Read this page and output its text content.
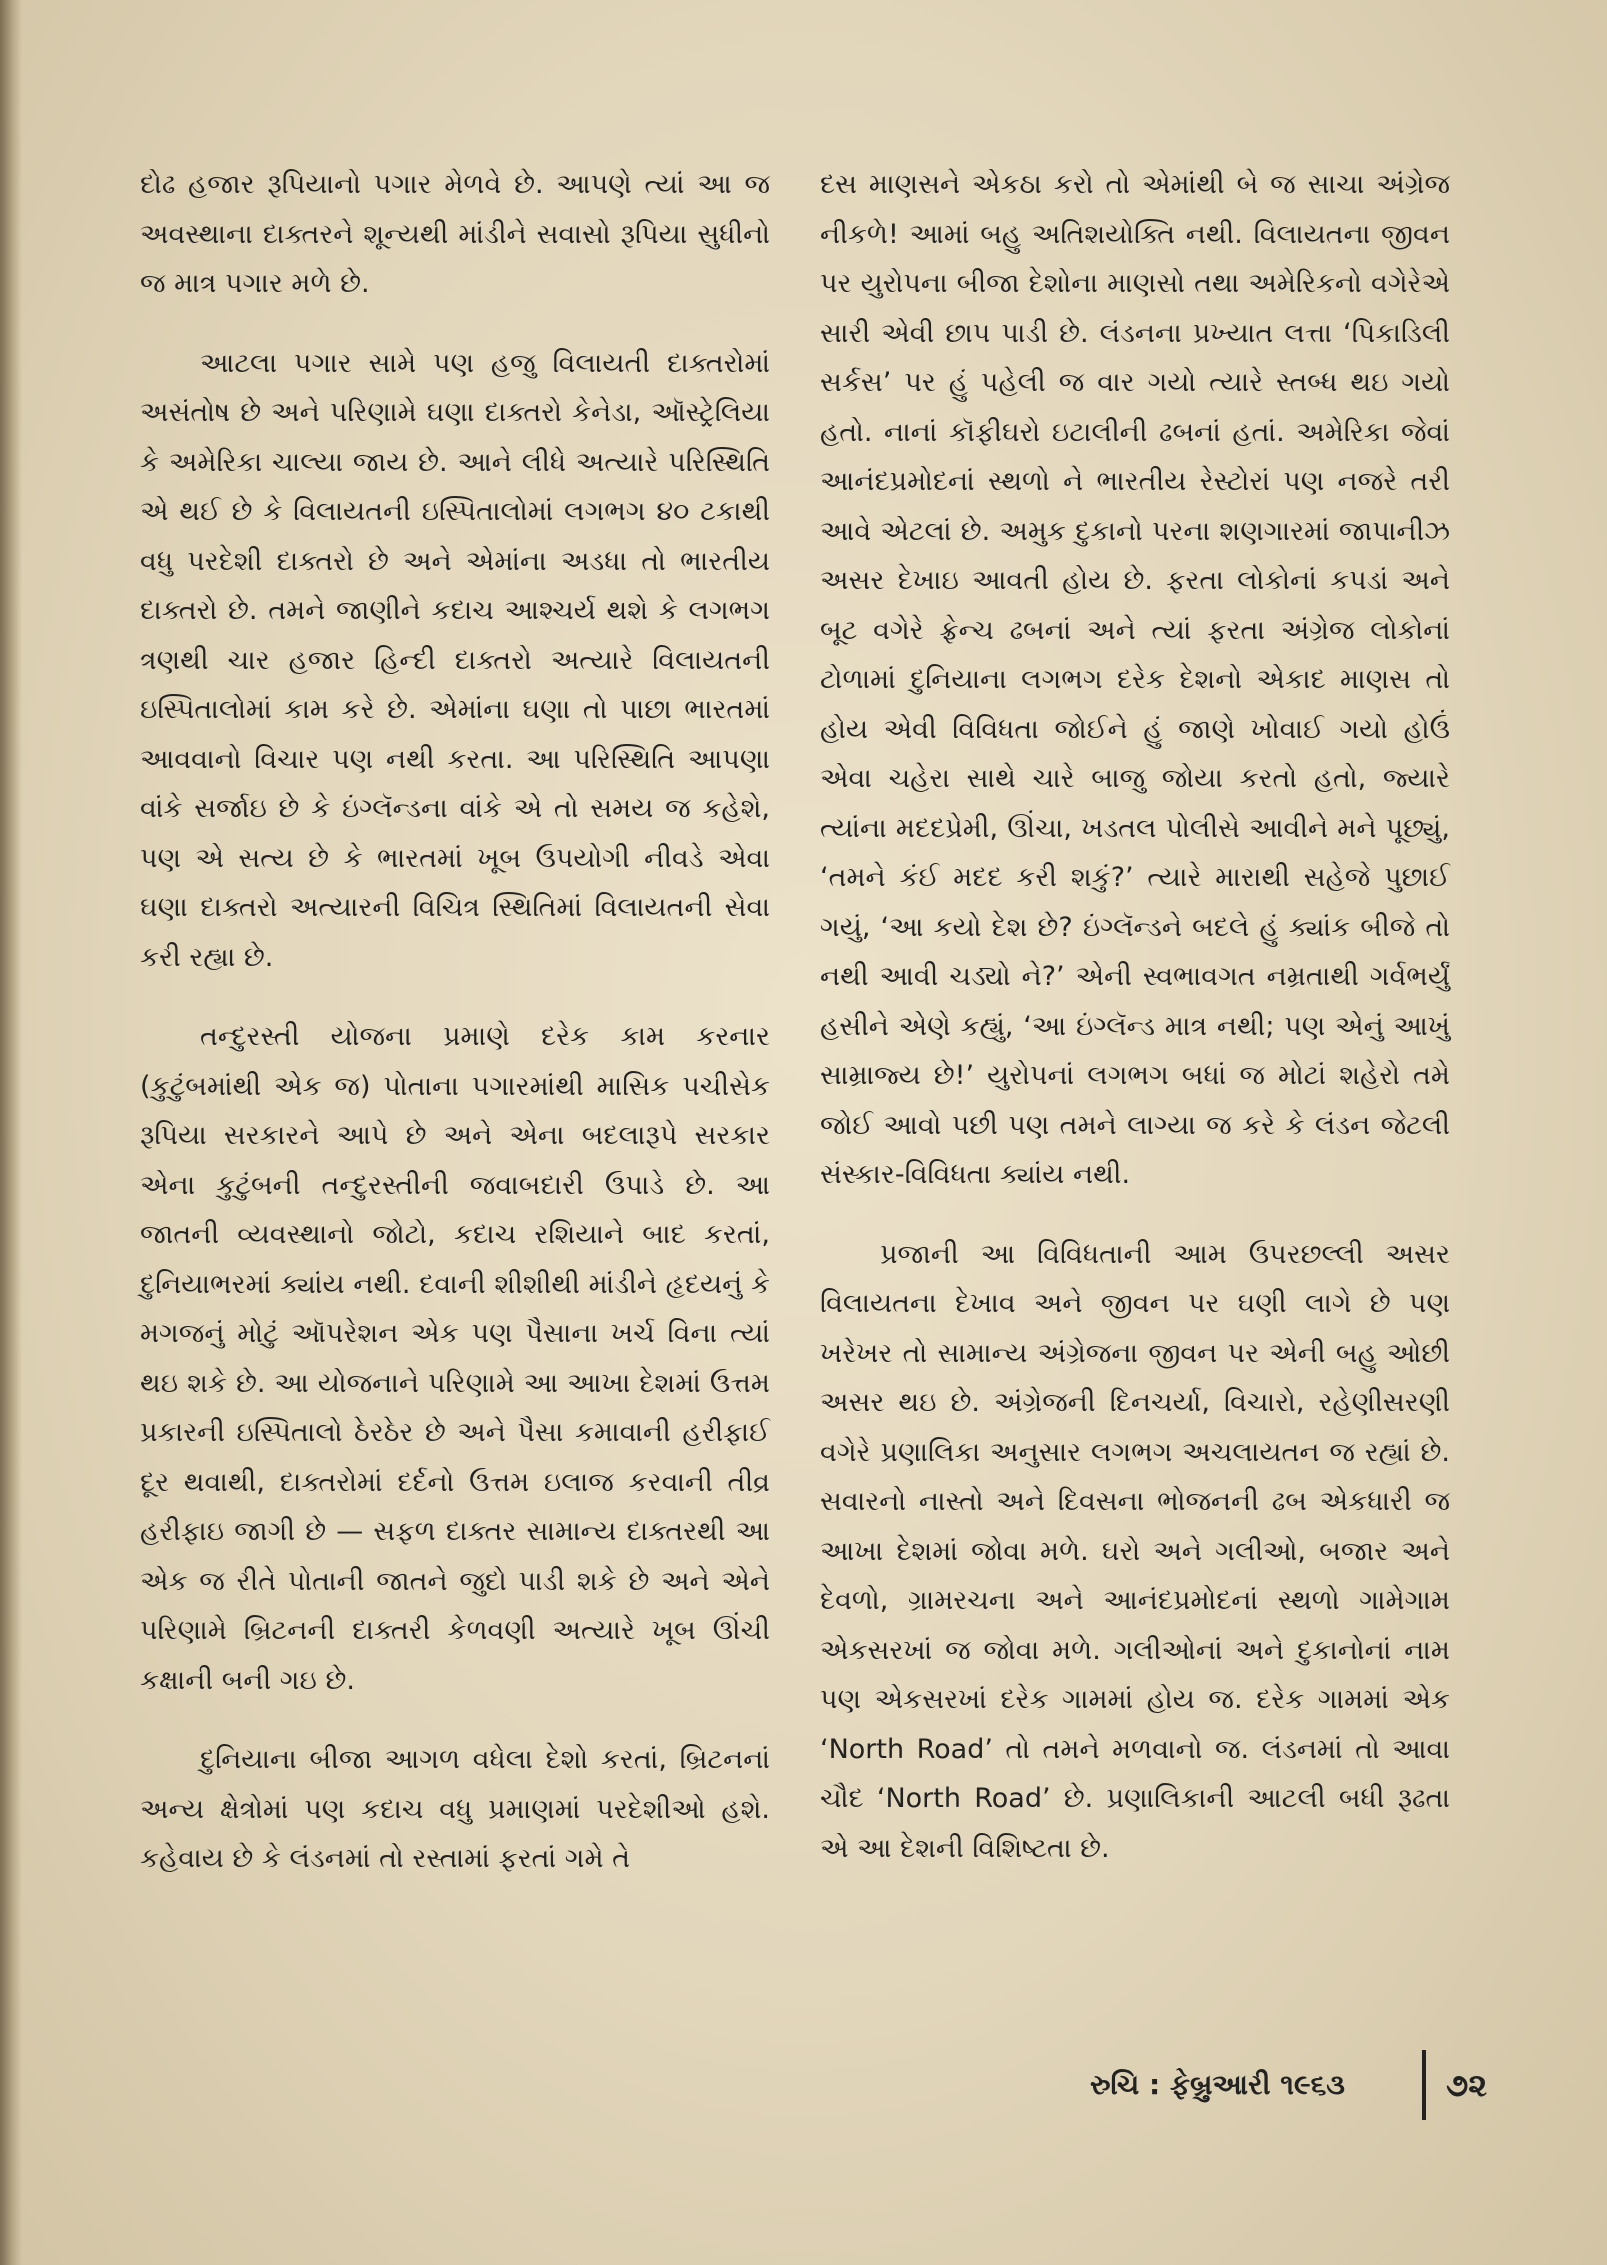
દોઢ હજાર રૂપિયાનો પગાર મેળવે છે. આપણે ત્યાં આ જ અવસ્થાના દાક્તરને શૂન્યથી માંડીને સવાસો રૂપિયા સુધીનો જ માત્ર પગાર મળે છે.

આટલા પગાર સામે પણ હજુ વિલાયતી દાક્તરોમાં અસંતોષ છે અને પરિણામે ઘણા દાક્તરો કેનેડા, ઑસ્ટ્રેલિયા કે અમેરિકા ચાલ્યા જાય છે. આને લીધે અત્યારે પરિસ્થિતિ એ થઈ છે કે વિલાયતની ઇસ્પિતાલોમાં લગભગ ૪૦ ટકાથી વધુ પરદેશી દાક્તરો છે અને એમાંના અડધા તો ભારતીય દાક્તરો છે. તમને જાણીને કદાચ આશ્ચર્ય થશે કે લગભગ ત્રણથી ચાર હજાર હિન્દી દાક્તરો અત્યારે વિલાયતની ઇસ્પિતાલોમાં કામ કરે છે. એમાંના ઘણા તો પાછા ભારતમાં આવવાનો વિચાર પણ નથી કરતા. આ પરિસ્થિતિ આપણા વાંકે સર્જાઇ છે કે ઇંગ્લૅન્ડના વાંકે એ તો સમય જ કહેશે, પણ એ સત્ય છે કે ભારતમાં ખૂબ ઉપયોગી નીવડે એવા ઘણા દાક્તરો અત્યારની વિચિત્ર સ્થિતિમાં વિલાયતની સેવા કરી રહ્યા છે.

તન્દુરસ્તી યોજના પ્રમાણે દરેક કામ કરનાર (કુટુંબમાંથી એક જ) પોતાના પગારમાંથી માસિક પચીસેક રૂપિયા સરકારને આપે છે અને એના બદલારૂપે સરકાર એના કુટુંબની તન્દુરસ્તીની જવાબદારી ઉપાડે છે. આ જાતની વ્યવસ્થાનો જોટો, કદાચ રશિયાને બાદ કરતાં, દુનિયાભરમાં ક્યાંય નથી. દવાની શીશીથી માંડીને હૃદયનું કે મગજનું મોટું ઑપરેશન એક પણ પૈસાના ખર્ચ વિના ત્યાં થઇ શકે છે. આ યોજનાને પરિણામે આ આખા દેશમાં ઉત્તમ પ્રકારની ઇસ્પિતાલો ઠેરઠેર છે અને પૈસા કમાવાની હરીફાઈ દૂર થવાથી, દાક્તરોમાં દર્દનો ઉત્તમ ઇલાજ કરવાની તીવ્ર હરીફાઇ જાગી છે — સફળ દાક્તર સામાન્ય દાક્તરથી આ એક જ રીતે પોતાની જાતને જુદો પાડી શકે છે અને એને પરિણામે બ્રિટનની દાક્તરી કેળવણી અત્યારે ખૂબ ઊંચી કક્ષાની બની ગઇ છે.

દુનિયાના બીજા આગળ વધેલા દેશો કરતાં, બ્રિટનનાં અન્ય ક્ષેત્રોમાં પણ કદાચ વધુ પ્રમાણમાં પરદેશીઓ હશે. કહેવાય છે કે લંડનમાં તો રસ્તામાં ફરતાં ગમે તે

દસ માણસને એકઠા કરો તો એમાંથી બે જ સાચા અંગ્રેજ નીકળે! આમાં બહુ અતિશયોક્તિ નથી. વિલાયતના જીવન પર યુરોપના બીજા દેશોના માણસો તથા અમેરિકનો વગેરેએ સારી એવી છાપ પાડી છે. લંડનના પ્રખ્યાત લત્તા ‘પિકાડિલી સર્કસ’ પર હું પહેલી જ વાર ગયો ત્યારે સ્તબ્ધ થઇ ગયો હતો. નાનાં કૉફીઘરો ઇટાલીની ઢબનાં હતાં. અમેરિકા જેવાં આનંદપ્રમોદનાં સ્થળો ને ભારતીય રેસ્ટોરાં પણ નજરે તરી આવે એટલાં છે. અમુક દુકાનો પરના શણગારમાં જાપાનીઝ અસર દેખાઇ આવતી હોય છે. ફરતા લોકોનાં કપડાં અને બૂટ વગેરે ફ્રેન્ચ ઢબનાં અને ત્યાં ફરતા અંગ્રેજ લોકોનાં ટોળામાં દુનિયાના લગભગ દરેક દેશનો એકાદ માણસ તો હોય એવી વિવિધતા જોઈને હું જાણે ખોવાઈ ગયો હોઉં એવા ચહેરા સાથે ચારે બાજુ જોયા કરતો હતો, જ્યારે ત્યાંના મદદપ્રેમી, ઊંચા, ખડતલ પોલીસે આવીને મને પૂછ્યું, ‘તમને કંઈ મદદ કરી શકું?’ ત્યારે મારાથી સહેજે પુછાઈ ગયું, ‘આ કયો દેશ છે? ઇંગ્લૅન્ડને બદલે હું ક્યાંક બીજે તો નથી આવી ચડ્યો ને?’ એની સ્વભાવગત નમ્રતાથી ગર્વભર્યું હસીને એણે કહ્યું, ‘આ ઇંગ્લૅન્ડ માત્ર નથી; પણ એનું આખું સામ્રાજ્ય છે!’ યુરોપનાં લગભગ બધાં જ મોટાં શહેરો તમે જોઈ આવો પછી પણ તમને લાગ્યા જ કરે કે લંડન જેટલી સંસ્કાર-વિવિધતા ક્યાંય નથી.

પ્રજાની આ વિવિધતાની આમ ઉપરછલ્લી અસર વિલાયતના દેખાવ અને જીવન પર ઘણી લાગે છે પણ ખરેખર તો સામાન્ય અંગ્રેજના જીવન પર એની બહુ ઓછી અસર થઇ છે. અંગ્રેજની દિનચર્યા, વિચારો, રહેણીસરણી વગેરે પ્રણાલિકા અનુસાર લગભગ અચલાયતન જ રહ્યાં છે. સવારનો નાસ્તો અને દિવસના ભોજનની ઢબ એકધારી જ આખા દેશમાં જોવા મળે. ઘરો અને ગલીઓ, બજાર અને દેવળો, ગ્રામરચના અને આનંદપ્રમોદનાં સ્થળો ગામેગામ એકસરખાં જ જોવા મળે. ગલીઓનાં અને દુકાનોનાં નામ પણ એકસરખાં દરેક ગામમાં હોય જ. દરેક ગામમાં એક ‘North Road’ તો તમને મળવાનો જ. લંડનમાં તો આવા ચૌદ ‘North Road’ છે. પ્રણાલિકાની આટલી બધી રૂઢતા એ આ દેશની વિશિષ્ટતા છે.

રુચિ : ફેબ્રુઆરી ૧૯૬૩	૭૨
